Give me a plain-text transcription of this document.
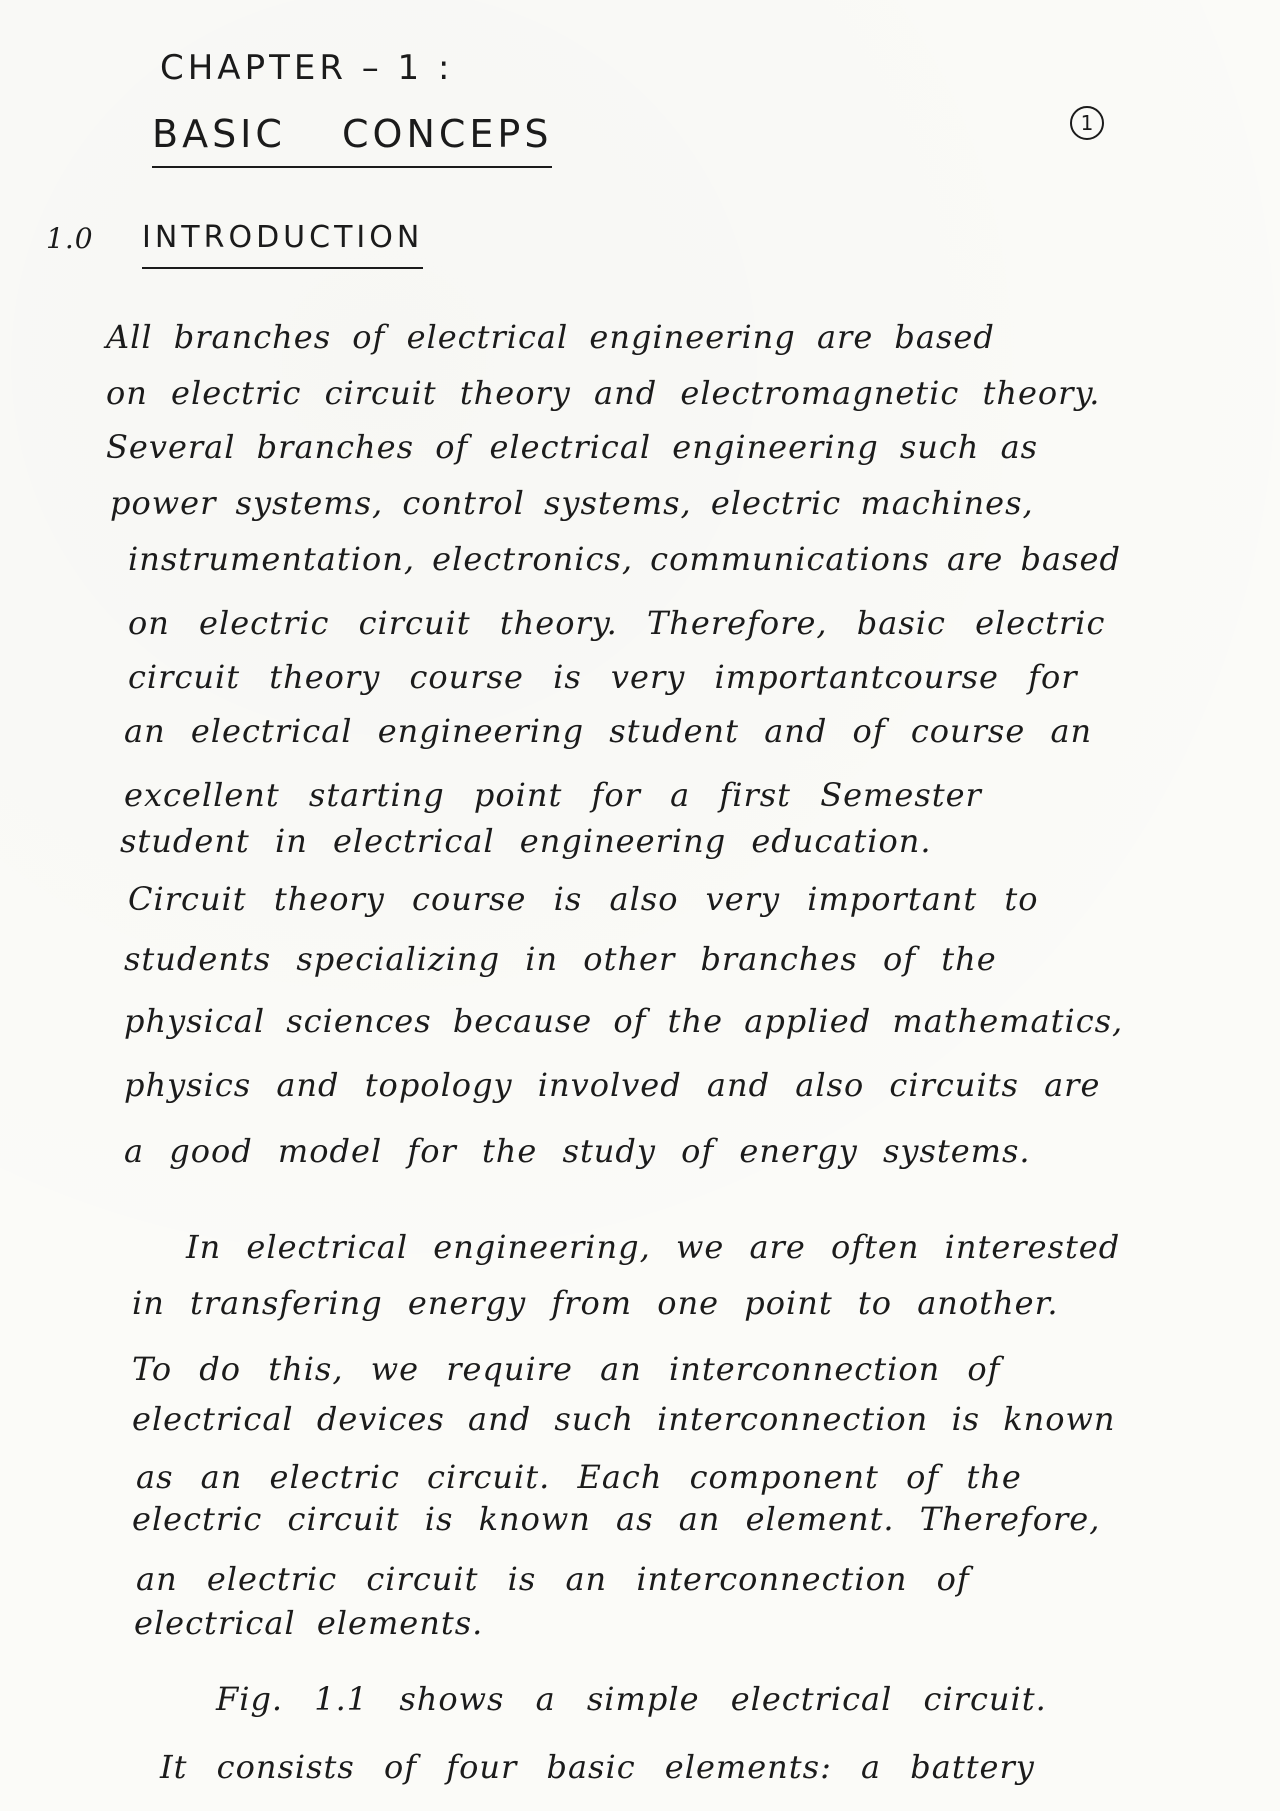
CHAPTER – 1 :
BASIC CONCEPS	1
1.0 INTRODUCTION
All branches of electrical engineering are based
on electric circuit theory and electromagnetic theory.
Several branches of electrical engineering such as
power systems, control systems, electric machines,
instrumentation, electronics, communications are based
on electric circuit theory. Therefore, basic electric
circuit theory course is very importantcourse for
an electrical engineering student and of course an
excellent starting point for a first Semester
student in electrical engineering education.
Circuit theory course is also very important to
students specializing in other branches of the
physical sciences because of the applied mathematics,
physics and topology involved and also circuits are
a good model for the study of energy systems.
In electrical engineering, we are often interested
in transfering energy from one point to another.
To do this, we require an interconnection of
electrical devices and such interconnection is known
as an electric circuit. Each component of the
electric circuit is known as an element. Therefore,
an electric circuit is an interconnection of
electrical elements.
Fig. 1.1 shows a simple electrical circuit.
It consists of four basic elements: a battery
